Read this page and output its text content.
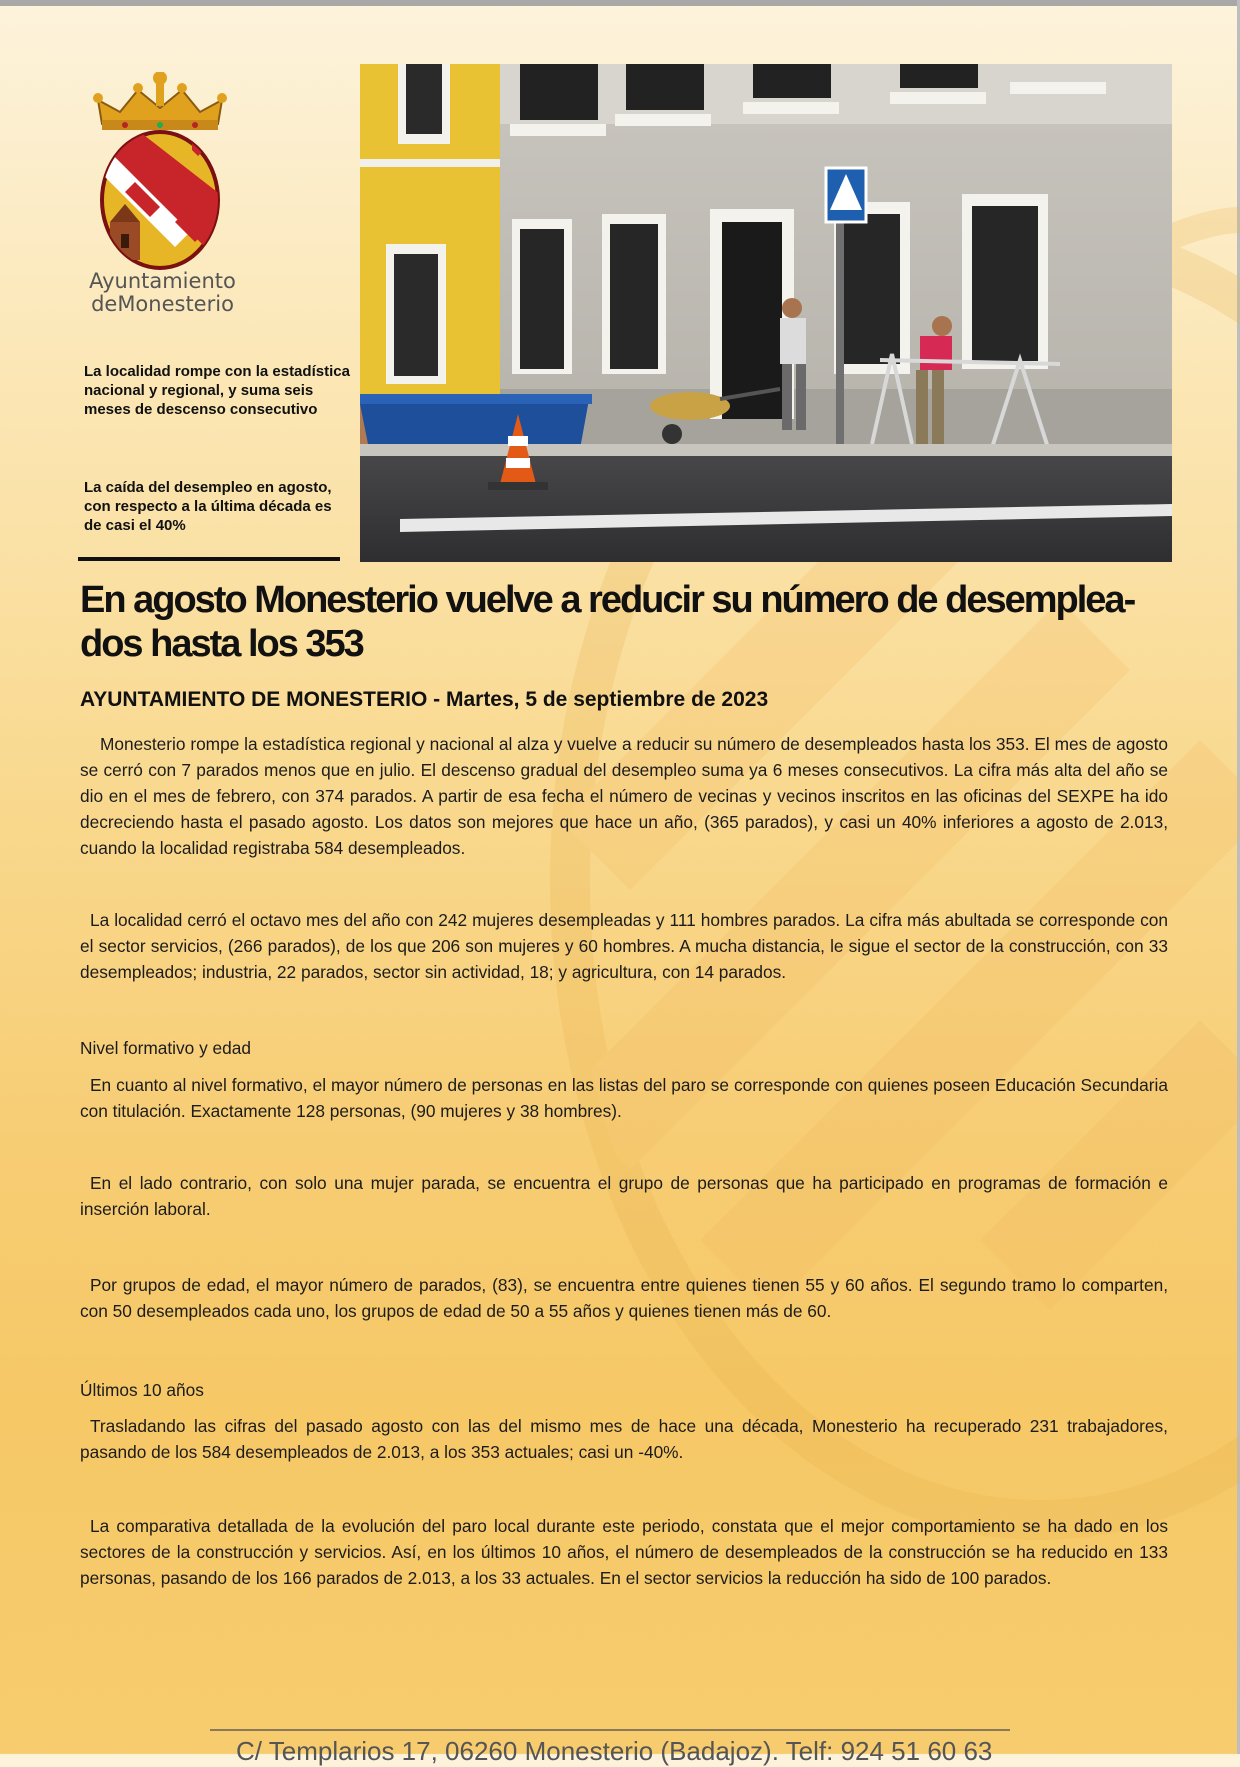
Ayuntamiento
deMonesterio
La localidad rompe con la estadística nacional y regional, y suma seis meses de descenso consecutivo
La caída del desempleo en agosto, con respecto a la última década es de casi el 40%
En agosto Monesterio vuelve a reducir su número de desemplea-dos hasta los 353
AYUNTAMIENTO DE MONESTERIO - Martes, 5 de septiembre de 2023

Monesterio rompe la estadística regional y nacional al alza y vuelve a reducir su número de desempleados hasta los 353. El mes de agosto se cerró con 7 parados menos que en julio. El descenso gradual del desempleo suma ya 6 meses consecutivos. La cifra más alta del año se dio en el mes de febrero, con 374 parados. A partir de esa fecha el número de vecinas y vecinos inscritos en las oficinas del SEXPE ha ido decreciendo hasta el pasado agosto. Los datos son mejores que hace un año, (365 parados), y casi un 40% inferiores a agosto de 2.013, cuando la localidad registraba 584 desempleados.

La localidad cerró el octavo mes del año con 242 mujeres desempleadas y 111 hombres parados. La cifra más abultada se corresponde con el sector servicios, (266 parados), de los que 206 son mujeres y 60 hombres. A mucha distancia, le sigue el sector de la construcción, con 33 desempleados; industria, 22 parados, sector sin actividad, 18; y agricultura, con 14 parados.

Nivel formativo y edad

En cuanto al nivel formativo, el mayor número de personas en las listas del paro se corresponde con quienes poseen Educación Secundaria con titulación. Exactamente 128 personas, (90 mujeres y 38 hombres).

En el lado contrario, con solo una mujer parada, se encuentra el grupo de personas que ha participado en programas de formación e inserción laboral.

Por grupos de edad, el mayor número de parados, (83), se encuentra entre quienes tienen 55 y 60 años. El segundo tramo lo comparten, con 50 desempleados cada uno, los grupos de edad de 50 a 55 años y quienes tienen más de 60.

Últimos 10 años

Trasladando las cifras del pasado agosto con las del mismo mes de hace una década, Monesterio ha recuperado 231 trabajadores, pasando de los 584 desempleados de 2.013, a los 353 actuales; casi un -40%.

La comparativa detallada de la evolución del paro local durante este periodo, constata que el mejor comportamiento se ha dado en los sectores de la construcción y servicios. Así, en los últimos 10 años, el número de desempleados de la construcción se ha reducido en 133 personas, pasando de los 166 parados de 2.013, a los 33 actuales. En el sector servicios la reducción ha sido de 100 parados.

C/ Templarios 17, 06260 Monesterio (Badajoz). Telf: 924 51 60 63
